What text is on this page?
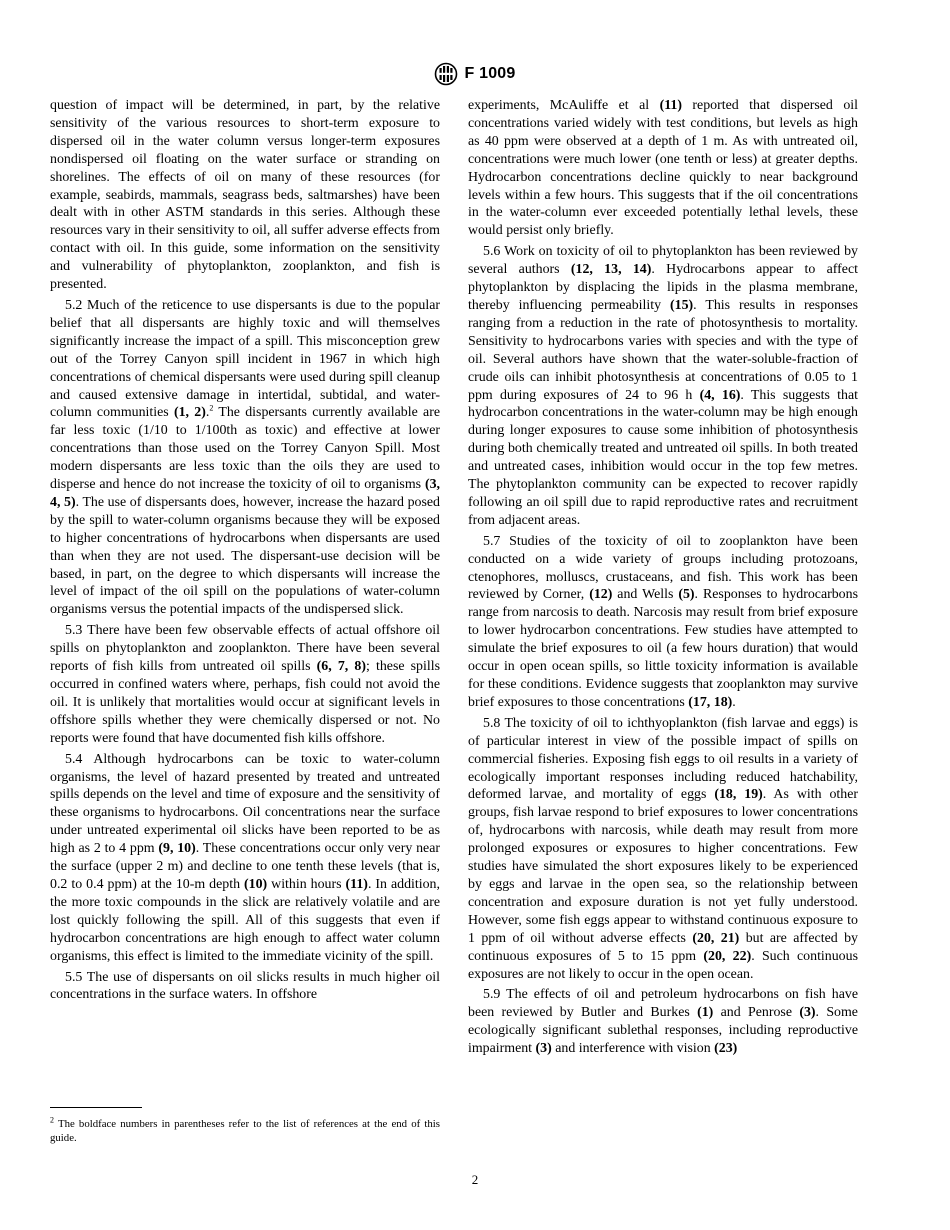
F 1009

question of impact will be determined, in part, by the relative sensitivity of the various resources to short-term exposure to dispersed oil in the water column versus longer-term exposures nondispersed oil floating on the water surface or stranding on shorelines. The effects of oil on many of these resources (for example, seabirds, mammals, seagrass beds, saltmarshes) have been dealt with in other ASTM standards in this series. Although these resources vary in their sensitivity to oil, all suffer adverse effects from contact with oil. In this guide, some information on the sensitivity and vulnerability of phytoplankton, zooplankton, and fish is presented.

5.2 Much of the reticence to use dispersants is due to the popular belief that all dispersants are highly toxic and will themselves significantly increase the impact of a spill. This misconception grew out of the Torrey Canyon spill incident in 1967 in which high concentrations of chemical dispersants were used during spill cleanup and caused extensive damage in intertidal, subtidal, and water-column communities (1, 2).$^2$ The dispersants currently available are far less toxic (1/10 to 1/100th as toxic) and effective at lower concentrations than those used on the Torrey Canyon Spill. Most modern dispersants are less toxic than the oils they are used to disperse and hence do not increase the toxicity of oil to organisms (3, 4, 5). The use of dispersants does, however, increase the hazard posed by the spill to water-column organisms because they will be exposed to higher concentrations of hydrocarbons when dispersants are used than when they are not used. The dispersant-use decision will be based, in part, on the degree to which dispersants will increase the level of impact of the oil spill on the populations of water-column organisms versus the potential impacts of the undispersed slick.

5.3 There have been few observable effects of actual offshore oil spills on phytoplankton and zooplankton. There have been several reports of fish kills from untreated oil spills (6, 7, 8); these spills occurred in confined waters where, perhaps, fish could not avoid the oil. It is unlikely that mortalities would occur at significant levels in offshore spills whether they were chemically dispersed or not. No reports were found that have documented fish kills offshore.

5.4 Although hydrocarbons can be toxic to water-column organisms, the level of hazard presented by treated and untreated spills depends on the level and time of exposure and the sensitivity of these organisms to hydrocarbons. Oil concentrations near the surface under untreated experimental oil slicks have been reported to be as high as 2 to 4 ppm (9, 10). These concentrations occur only very near the surface (upper 2 m) and decline to one tenth these levels (that is, 0.2 to 0.4 ppm) at the 10-m depth (10) within hours (11). In addition, the more toxic compounds in the slick are relatively volatile and are lost quickly following the spill. All of this suggests that even if hydrocarbon concentrations are high enough to affect water column organisms, this effect is limited to the immediate vicinity of the spill.

5.5 The use of dispersants on oil slicks results in much higher oil concentrations in the surface waters. In offshore

experiments, McAuliffe et al (11) reported that dispersed oil concentrations varied widely with test conditions, but levels as high as 40 ppm were observed at a depth of 1 m. As with untreated oil, concentrations were much lower (one tenth or less) at greater depths. Hydrocarbon concentrations decline quickly to near background levels within a few hours. This suggests that if the oil concentrations in the water-column ever exceeded potentially lethal levels, these would persist only briefly.

5.6 Work on toxicity of oil to phytoplankton has been reviewed by several authors (12, 13, 14). Hydrocarbons appear to affect phytoplankton by displacing the lipids in the plasma membrane, thereby influencing permeability (15). This results in responses ranging from a reduction in the rate of photosynthesis to mortality. Sensitivity to hydrocarbons varies with species and with the type of oil. Several authors have shown that the water-soluble-fraction of crude oils can inhibit photosynthesis at concentrations of 0.05 to 1 ppm during exposures of 24 to 96 h (4, 16). This suggests that hydrocarbon concentrations in the water-column may be high enough during longer exposures to cause some inhibition of photosynthesis during both chemically treated and untreated oil spills. In both treated and untreated cases, inhibition would occur in the top few metres. The phytoplankton community can be expected to recover rapidly following an oil spill due to rapid reproductive rates and recruitment from adjacent areas.

5.7 Studies of the toxicity of oil to zooplankton have been conducted on a wide variety of groups including protozoans, ctenophores, molluscs, crustaceans, and fish. This work has been reviewed by Corner, (12) and Wells (5). Responses to hydrocarbons range from narcosis to death. Narcosis may result from brief exposure to lower hydrocarbon concentrations. Few studies have attempted to simulate the brief exposures to oil (a few hours duration) that would occur in open ocean spills, so little toxicity information is available for these conditions. Evidence suggests that zooplankton may survive brief exposures to those concentrations (17, 18).

5.8 The toxicity of oil to ichthyoplankton (fish larvae and eggs) is of particular interest in view of the possible impact of spills on commercial fisheries. Exposing fish eggs to oil results in a variety of ecologically important responses including reduced hatchability, deformed larvae, and mortality of eggs (18, 19). As with other groups, fish larvae respond to brief exposures to lower concentrations of, hydrocarbons with narcosis, while death may result from more prolonged exposures or exposures to higher concentrations. Few studies have simulated the short exposures likely to be experienced by eggs and larvae in the open sea, so the relationship between concentration and exposure duration is not yet fully understood. However, some fish eggs appear to withstand continuous exposure to 1 ppm of oil without adverse effects (20, 21) but are affected by continuous exposures of 5 to 15 ppm (20, 22). Such continuous exposures are not likely to occur in the open ocean.

5.9 The effects of oil and petroleum hydrocarbons on fish have been reviewed by Butler and Burkes (1) and Penrose (3). Some ecologically significant sublethal responses, including reproductive impairment (3) and interference with vision (23)

$^2$ The boldface numbers in parentheses refer to the list of references at the end of this guide.
2
